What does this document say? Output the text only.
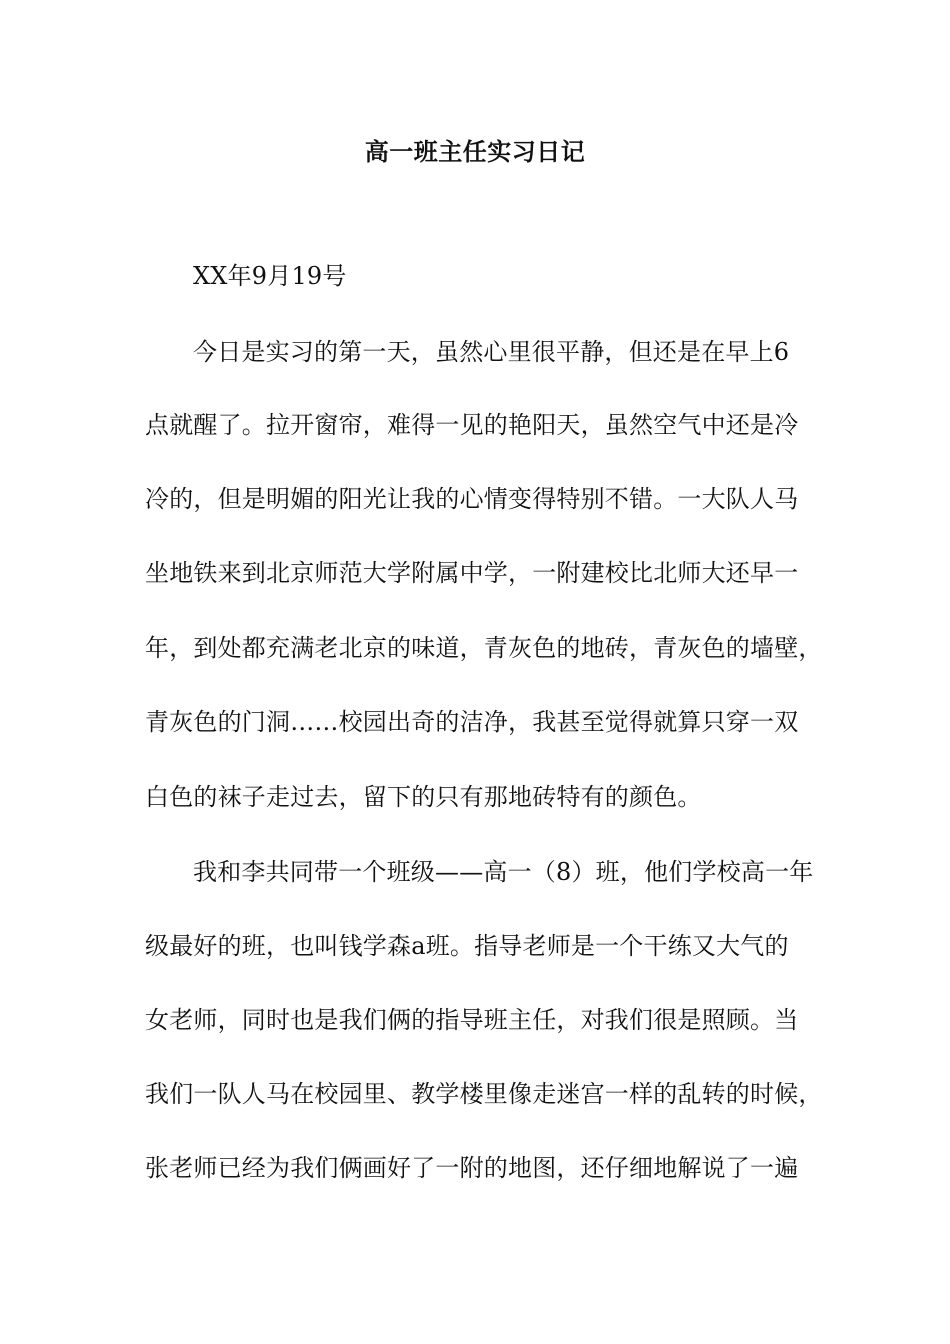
高一班主任实习日记
XX年9月19号
今日是实习的第一天，虽然心里很平静，但还是在早上6
点就醒了。拉开窗帘，难得一见的艳阳天，虽然空气中还是冷
冷的，但是明媚的阳光让我的心情变得特别不错。一大队人马
坐地铁来到北京师范大学附属中学，一附建校比北师大还早一
年，到处都充满老北京的味道，青灰色的地砖，青灰色的墙壁，
青灰色的门洞……校园出奇的洁净，我甚至觉得就算只穿一双
白色的袜子走过去，留下的只有那地砖特有的颜色。
我和李共同带一个班级——高一（8）班，他们学校高一年
级最好的班，也叫钱学森a班。指导老师是一个干练又大气的
女老师，同时也是我们俩的指导班主任，对我们很是照顾。当
我们一队人马在校园里、教学楼里像走迷宫一样的乱转的时候，
张老师已经为我们俩画好了一附的地图，还仔细地解说了一遍
